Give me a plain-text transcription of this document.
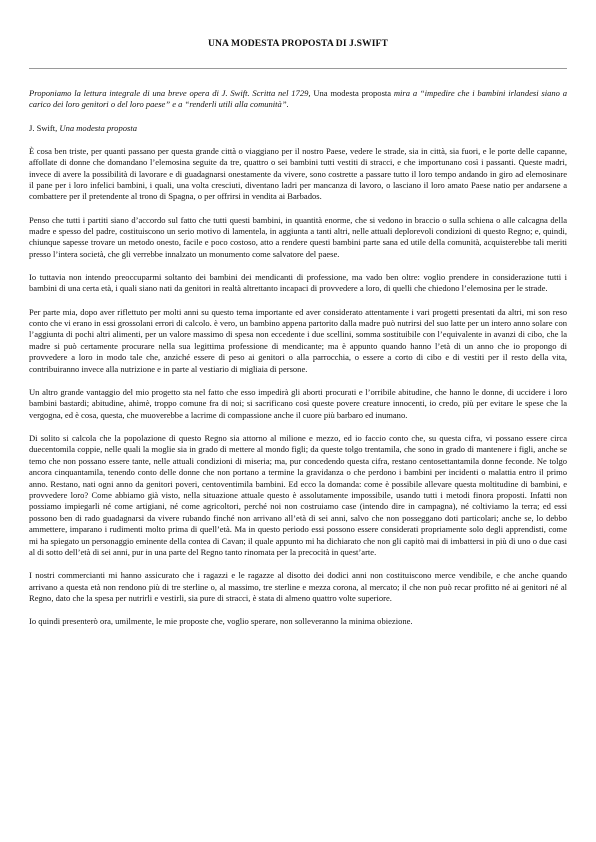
UNA MODESTA PROPOSTA DI J.SWIFT

Proponiamo la lettura integrale di una breve opera di J. Swift. Scritta nel 1729, Una modesta proposta mira a “impedire che i bambini irlandesi siano a carico dei loro genitori o del loro paese” e a “renderli utili alla comunità”.

J. Swift, Una modesta proposta

È cosa ben triste, per quanti passano per questa grande città o viaggiano per il nostro Paese, vedere le strade, sia in città, sia fuori, e le porte delle capanne, affollate di donne che domandano l’elemosina seguite da tre, quattro o sei bambini tutti vestiti di stracci, e che importunano così i passanti. Queste madri, invece di avere la possibilità di lavorare e di guadagnarsi onestamente da vivere, sono costrette a passare tutto il loro tempo andando in giro ad elemosinare il pane per i loro infelici bambini, i quali, una volta cresciuti, diventano ladri per mancanza di lavoro, o lasciano il loro amato Paese natio per andarsene a combattere per il pretendente al trono di Spagna, o per offrirsi in vendita ai Barbados.

Penso che tutti i partiti siano d’accordo sul fatto che tutti questi bambini, in quantità enorme, che si vedono in braccio o sulla schiena o alle calcagna della madre e spesso del padre, costituiscono un serio motivo di lamentela, in aggiunta a tanti altri, nelle attuali deplorevoli condizioni di questo Regno; e, quindi, chiunque sapesse trovare un metodo onesto, facile e poco costoso, atto a rendere questi bambini parte sana ed utile della comunità, acquisterebbe tali meriti presso l’intera società, che gli verrebbe innalzato un monumento come salvatore del paese.

Io tuttavia non intendo preoccuparmi soltanto dei bambini dei mendicanti di professione, ma vado ben oltre: voglio prendere in considerazione tutti i bambini di una certa età, i quali siano nati da genitori in realtà altrettanto incapaci di provvedere a loro, di quelli che chiedono l’elemosina per le strade.

Per parte mia, dopo aver riflettuto per molti anni su questo tema importante ed aver considerato attentamente i vari progetti presentati da altri, mi son reso conto che vi erano in essi grossolani errori di calcolo. è vero, un bambino appena partorito dalla madre può nutrirsi del suo latte per un intero anno solare con l’aggiunta di pochi altri alimenti, per un valore massimo di spesa non eccedente i due scellini, somma sostituibile con l’equivalente in avanzi di cibo, che la madre si può certamente procurare nella sua legittima professione di mendicante; ma è appunto quando hanno l’età di un anno che io propongo di provvedere a loro in modo tale che, anziché essere di peso ai genitori o alla parrocchia, o essere a corto di cibo e di vestiti per il resto della vita, contribuiranno invece alla nutrizione e in parte al vestiario di migliaia di persone.

Un altro grande vantaggio del mio progetto sta nel fatto che esso impedirà gli aborti procurati e l’orribile abitudine, che hanno le donne, di uccidere i loro bambini bastardi; abitudine, ahimè, troppo comune fra di noi; si sacrificano così queste povere creature innocenti, io credo, più per evitare le spese che la vergogna, ed è cosa, questa, che muoverebbe a lacrime di compassione anche il cuore più barbaro ed inumano.

Di solito si calcola che la popolazione di questo Regno sia attorno al milione e mezzo, ed io faccio conto che, su questa cifra, vi possano essere circa duecentomila coppie, nelle quali la moglie sia in grado di mettere al mondo figli; da queste tolgo trentamila, che sono in grado di mantenere i figli, anche se temo che non possano essere tante, nelle attuali condizioni di miseria; ma, pur concedendo questa cifra, restano centosettantamila donne feconde. Ne tolgo ancora cinquantamila, tenendo conto delle donne che non portano a termine la gravidanza o che perdono i bambini per incidenti o malattia entro il primo anno. Restano, nati ogni anno da genitori poveri, centoventimila bambini. Ed ecco la domanda: come è possibile allevare questa moltitudine di bambini, e provvedere loro? Come abbiamo già visto, nella situazione attuale questo è assolutamente impossibile, usando tutti i metodi finora proposti. Infatti non possiamo impiegarli né come artigiani, né come agricoltori, perché noi non costruiamo case (intendo dire in campagna), né coltiviamo la terra; ed essi possono ben di rado guadagnarsi da vivere rubando finché non arrivano all’età di sei anni, salvo che non posseggano doti particolari; anche se, lo debbo ammettere, imparano i rudimenti molto prima di quell’età. Ma in questo periodo essi possono essere considerati propriamente solo degli apprendisti, come mi ha spiegato un personaggio eminente della contea di Cavan; il quale appunto mi ha dichiarato che non gli capitò mai di imbattersi in più di uno o due casi al di sotto dell’età di sei anni, pur in una parte del Regno tanto rinomata per la precocità in quest’arte.

I nostri commercianti mi hanno assicurato che i ragazzi e le ragazze al disotto dei dodici anni non costituiscono merce vendibile, e che anche quando arrivano a questa età non rendono più di tre sterline o, al massimo, tre sterline e mezza corona, al mercato; il che non può recar profitto né ai genitori né al Regno, dato che la spesa per nutrirli e vestirli, sia pure di stracci, è stata di almeno quattro volte superiore.

Io quindi presenterò ora, umilmente, le mie proposte che, voglio sperare, non solleveranno la minima obiezione.
